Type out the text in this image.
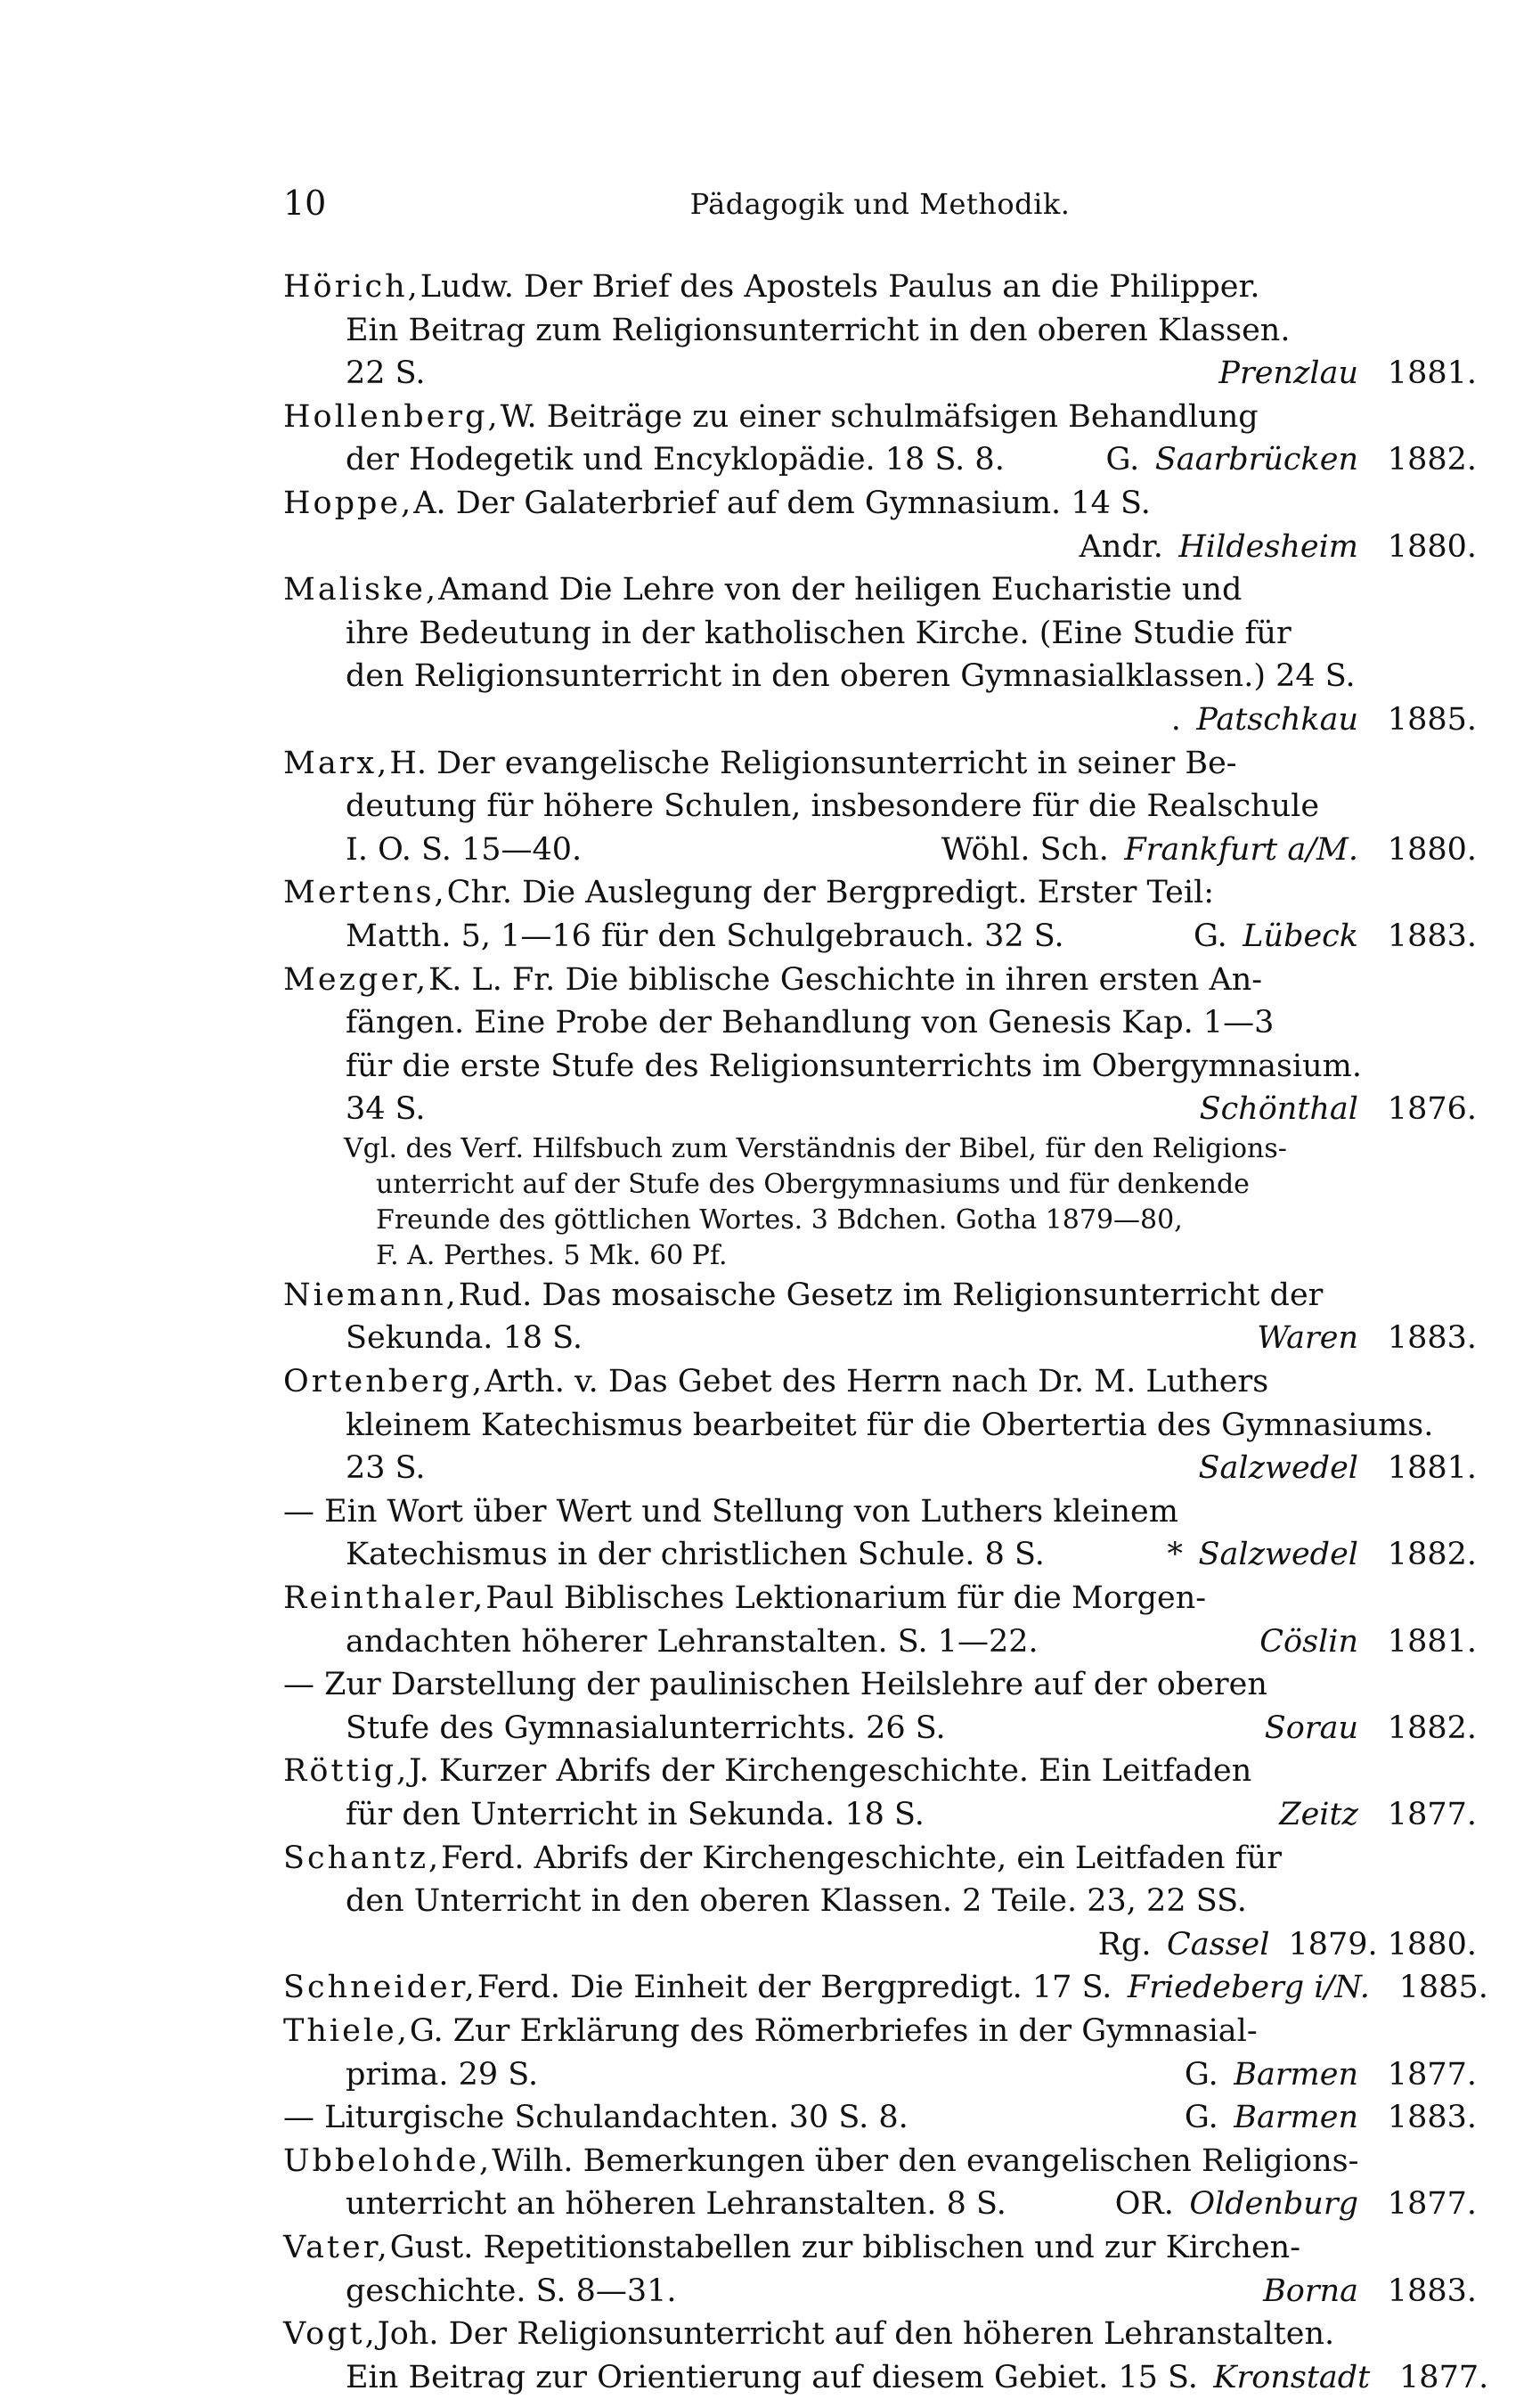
10	Pädagogik und Methodik.
Hörich, Ludw. Der Brief des Apostels Paulus an die Philipper.
Ein Beitrag zum Religionsunterricht in den oberen Klassen.
22 S.	Prenzlau 1881.
Hollenberg, W. Beiträge zu einer schulmäfsigen Behandlung
der Hodegetik und Encyklopädie. 18 S. 8.	G. Saarbrücken 1882.
Hoppe, A. Der Galaterbrief auf dem Gymnasium. 14 S.
Andr. Hildesheim 1880.
Maliske, Amand Die Lehre von der heiligen Eucharistie und
ihre Bedeutung in der katholischen Kirche. (Eine Studie für
den Religionsunterricht in den oberen Gymnasialklassen.) 24 S.
. Patschkau 1885.
Marx, H. Der evangelische Religionsunterricht in seiner Be-
deutung für höhere Schulen, insbesondere für die Realschule
I. O. S. 15—40.	Wöhl. Sch. Frankfurt a/M. 1880.
Mertens, Chr. Die Auslegung der Bergpredigt. Erster Teil:
Matth. 5, 1—16 für den Schulgebrauch. 32 S.	G. Lübeck 1883.
Mezger, K. L. Fr. Die biblische Geschichte in ihren ersten An-
fängen. Eine Probe der Behandlung von Genesis Kap. 1—3
für die erste Stufe des Religionsunterrichts im Obergymnasium.
34 S.	Schönthal 1876.
Vgl. des Verf. Hilfsbuch zum Verständnis der Bibel, für den Religions-
unterricht auf der Stufe des Obergymnasiums und für denkende
Freunde des göttlichen Wortes. 3 Bdchen. Gotha 1879—80,
F. A. Perthes. 5 Mk. 60 Pf.
Niemann, Rud. Das mosaische Gesetz im Religionsunterricht der
Sekunda. 18 S.	Waren 1883.
Ortenberg, Arth. v. Das Gebet des Herrn nach Dr. M. Luthers
kleinem Katechismus bearbeitet für die Obertertia des Gymnasiums.
23 S.	Salzwedel 1881.
— Ein Wort über Wert und Stellung von Luthers kleinem
Katechismus in der christlichen Schule. 8 S.	* Salzwedel 1882.
Reinthaler, Paul Biblisches Lektionarium für die Morgen-
andachten höherer Lehranstalten. S. 1—22.	Cöslin 1881.
— Zur Darstellung der paulinischen Heilslehre auf der oberen
Stufe des Gymnasialunterrichts. 26 S.	Sorau 1882.
Röttig, J. Kurzer Abrifs der Kirchengeschichte. Ein Leitfaden
für den Unterricht in Sekunda. 18 S.	Zeitz 1877.
Schantz, Ferd. Abrifs der Kirchengeschichte, ein Leitfaden für
den Unterricht in den oberen Klassen. 2 Teile. 23, 22 SS.
Rg. Cassel 1879. 1880.
Schneider, Ferd. Die Einheit der Bergpredigt. 17 S. Friedeberg i/N. 1885.
Thiele, G. Zur Erklärung des Römerbriefes in der Gymnasial-
prima. 29 S.	G. Barmen 1877.
— Liturgische Schulandachten. 30 S. 8.	G. Barmen 1883.
Ubbelohde, Wilh. Bemerkungen über den evangelischen Religions-
unterricht an höheren Lehranstalten. 8 S.	OR. Oldenburg 1877.
Vater, Gust. Repetitionstabellen zur biblischen und zur Kirchen-
geschichte. S. 8—31.	Borna 1883.
Vogt, Joh. Der Religionsunterricht auf den höheren Lehranstalten.
Ein Beitrag zur Orientierung auf diesem Gebiet. 15 S. Kronstadt 1877.
